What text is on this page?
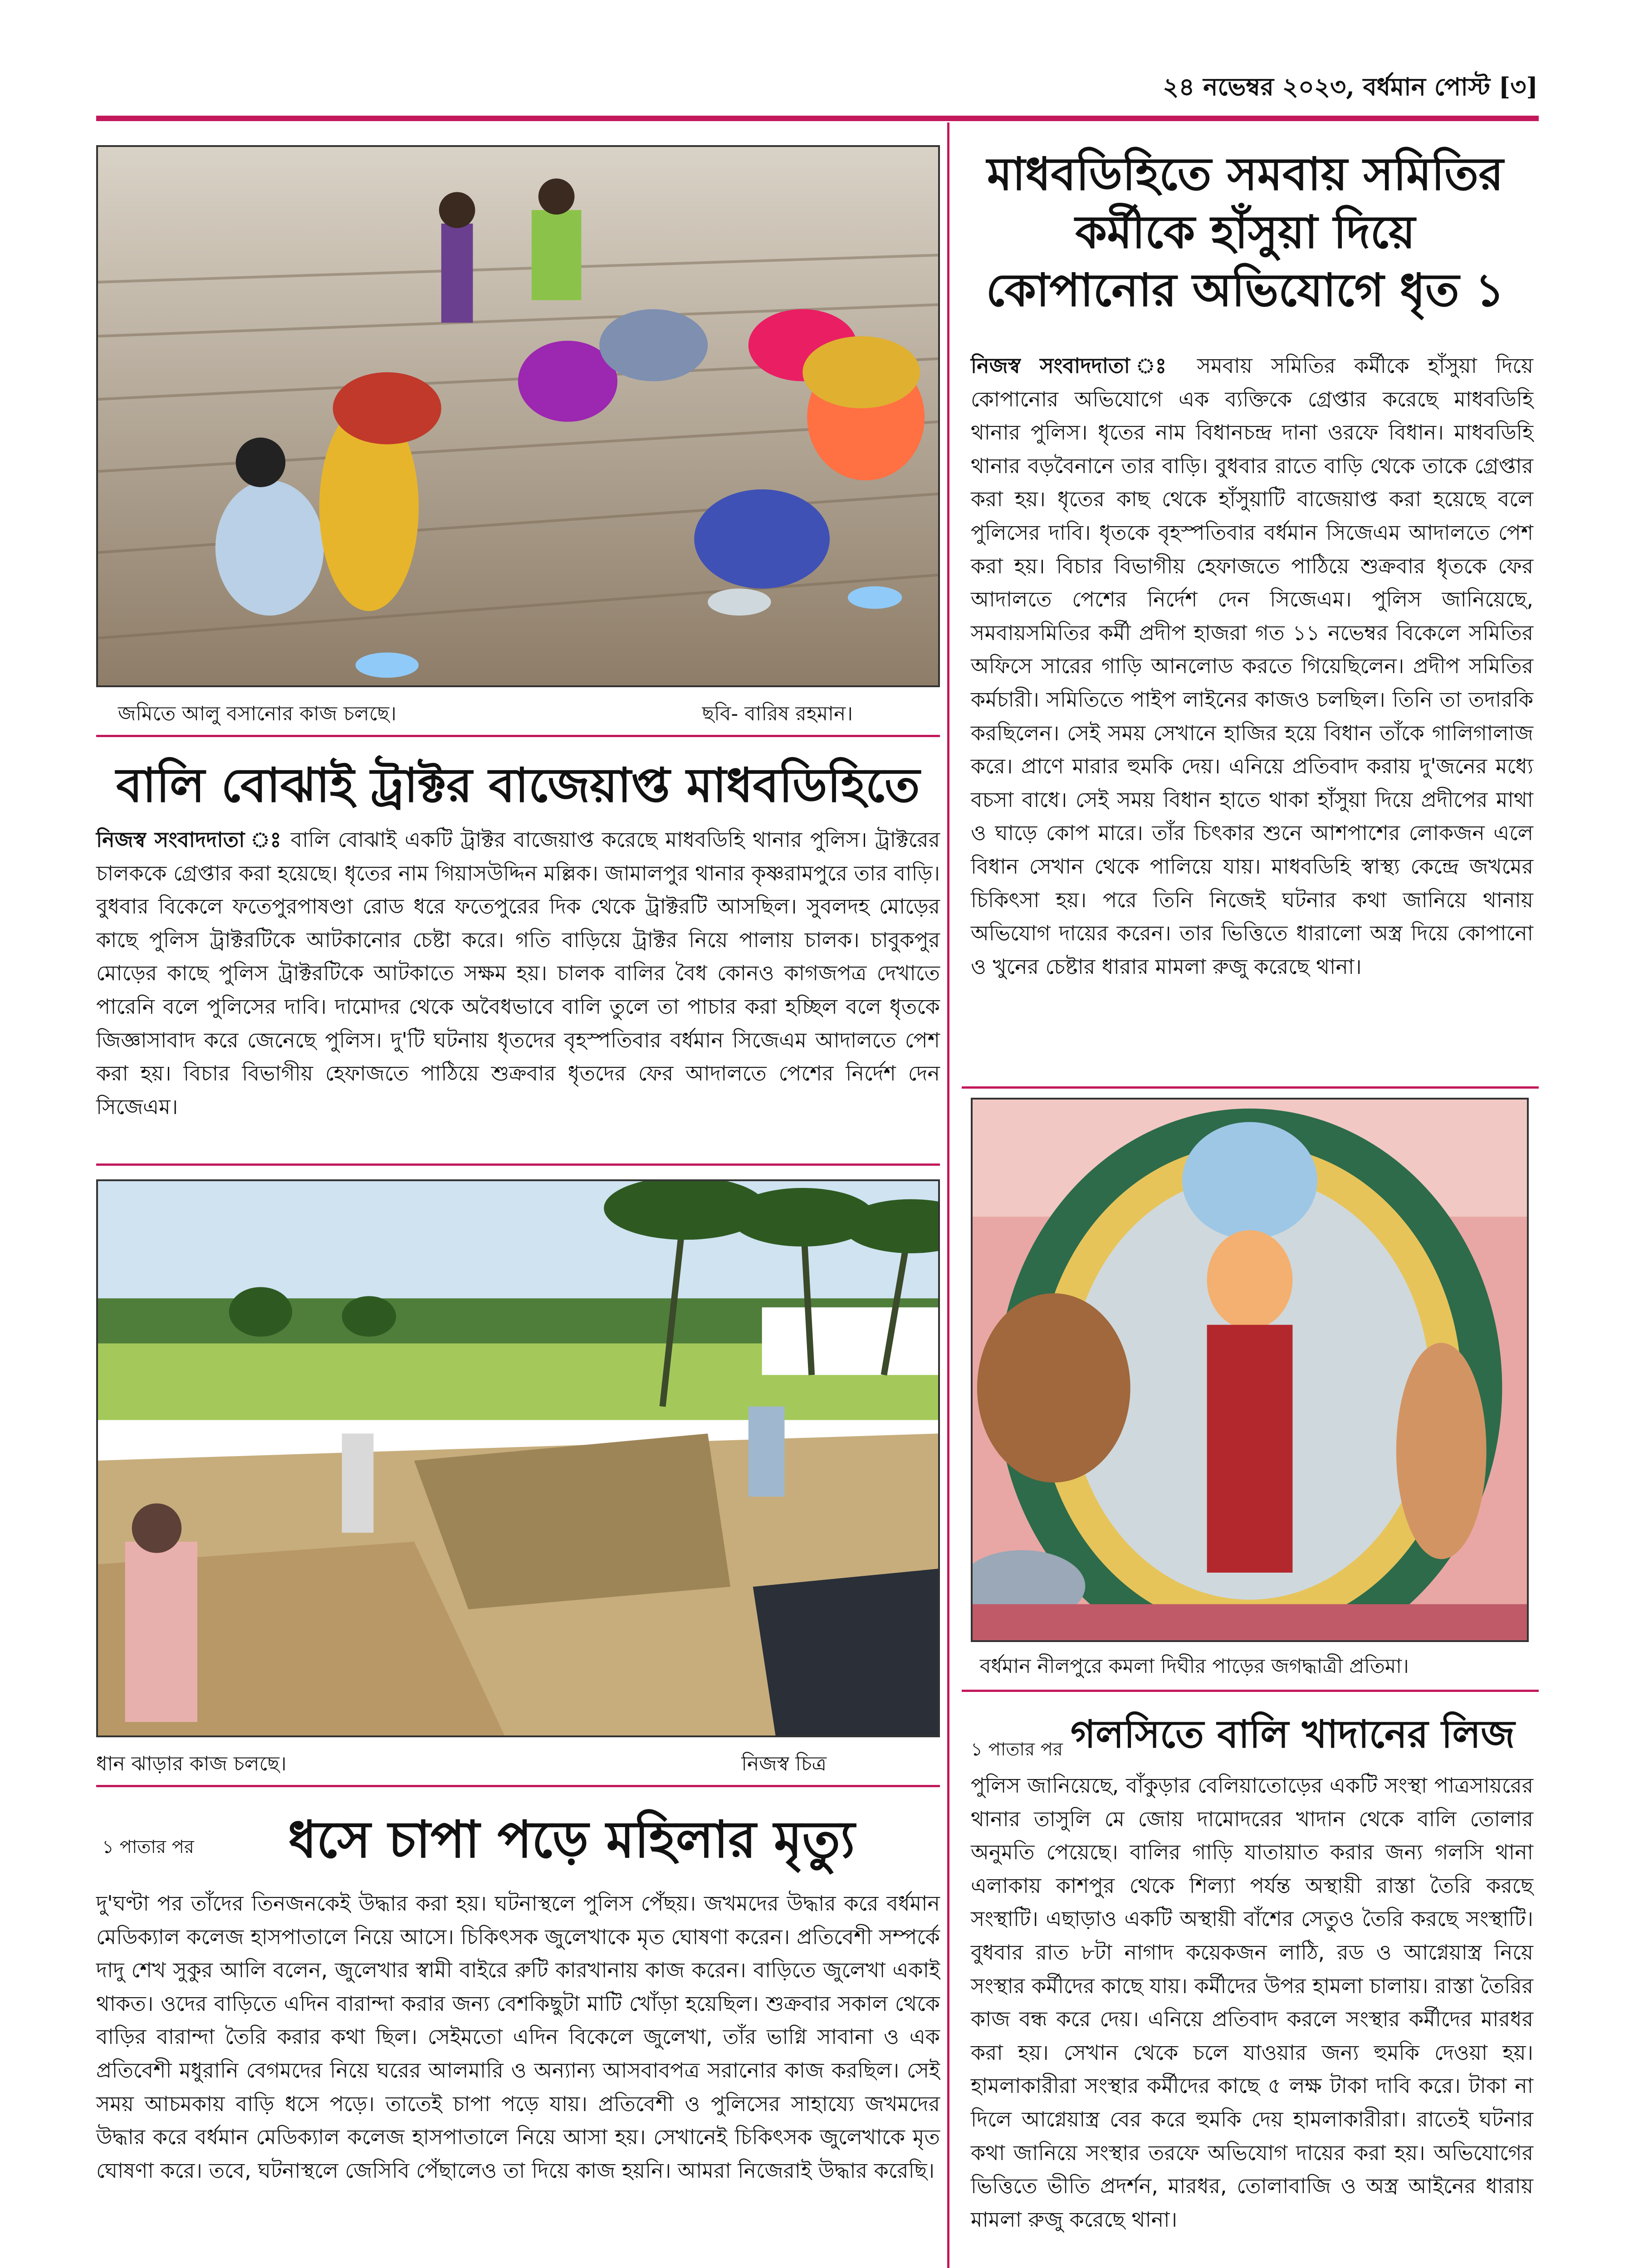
২৪ নভেম্বর ২০২৩, বর্ধমান পোস্ট [৩]
জমিতে আলু বসানোর কাজ চলছে।	ছবি- বারিষ রহমান।
বালি বোঝাই ট্রাক্টর বাজেয়াপ্ত মাধবডিহিতে
নিজস্ব সংবাদদাতা ঃ বালি বোঝাই একটি ট্রাক্টর বাজেয়াপ্ত করেছে মাধবডিহি থানার পুলিস। ট্রাক্টরের চালককে গ্রেপ্তার করা হয়েছে। ধৃতের নাম গিয়াসউদ্দিন মল্লিক। জামালপুর থানার কৃষ্ণরামপুরে তার বাড়ি। বুধবার বিকেলে ফতেপুরপাষণ্ডা রোড ধরে ফতেপুরের দিক থেকে ট্রাক্টরটি আসছিল। সুবলদহ মোড়ের কাছে পুলিস ট্রাক্টরটিকে আটকানোর চেষ্টা করে। গতি বাড়িয়ে ট্রাক্টর নিয়ে পালায় চালক। চাবুকপুর মোড়ের কাছে পুলিস ট্রাক্টরটিকে আটকাতে সক্ষম হয়। চালক বালির বৈধ কোনও কাগজপত্র দেখাতে পারেনি বলে পুলিসের দাবি। দামোদর থেকে অবৈধভাবে বালি তুলে তা পাচার করা হচ্ছিল বলে ধৃতকে জিজ্ঞাসাবাদ করে জেনেছে পুলিস। দু'টি ঘটনায় ধৃতদের বৃহস্পতিবার বর্ধমান সিজেএম আদালতে পেশ করা হয়। বিচার বিভাগীয় হেফাজতে পাঠিয়ে শুক্রবার ধৃতদের ফের আদালতে পেশের নির্দেশ দেন সিজেএম।
ধান ঝাড়ার কাজ চলছে।	নিজস্ব চিত্র
১ পাতার পর	ধসে চাপা পড়ে মহিলার মৃত্যু
দু'ঘণ্টা পর তাঁদের তিনজনকেই উদ্ধার করা হয়। ঘটনাস্থলে পুলিস পেঁছয়। জখমদের উদ্ধার করে বর্ধমান মেডিক্যাল কলেজ হাসপাতালে নিয়ে আসে। চিকিৎসক জুলেখাকে মৃত ঘোষণা করেন। প্রতিবেশী সম্পর্কে দাদু শেখ সুকুর আলি বলেন, জুলেখার স্বামী বাইরে রুটি কারখানায় কাজ করেন। বাড়িতে জুলেখা একাই থাকত। ওদের বাড়িতে এদিন বারান্দা করার জন্য বেশকিছুটা মাটি খোঁড়া হয়েছিল। শুক্রবার সকাল থেকে বাড়ির বারান্দা তৈরি করার কথা ছিল। সেইমতো এদিন বিকেলে জুলেখা, তাঁর ভাগ্নি সাবানা ও এক প্রতিবেশী মধুরানি বেগমদের নিয়ে ঘরের আলমারি ও অন্যান্য আসবাবপত্র সরানোর কাজ করছিল। সেই সময় আচমকায় বাড়ি ধসে পড়ে। তাতেই চাপা পড়ে যায়। প্রতিবেশী ও পুলিসের সাহায্যে জখমদের উদ্ধার করে বর্ধমান মেডিক্যাল কলেজ হাসপাতালে নিয়ে আসা হয়। সেখানেই চিকিৎসক জুলেখাকে মৃত ঘোষণা করে। তবে, ঘটনাস্থলে জেসিবি পেঁছালেও তা দিয়ে কাজ হয়নি। আমরা নিজেরাই উদ্ধার করেছি।
মাধবডিহিতে সমবায় সমিতির
কর্মীকে হাঁসুয়া দিয়ে
কোপানোর অভিযোগে ধৃত ১
নিজস্ব সংবাদদাতা ঃ সমবায় সমিতির কর্মীকে হাঁসুয়া দিয়ে কোপানোর অভিযোগে এক ব্যক্তিকে গ্রেপ্তার করেছে মাধবডিহি থানার পুলিস। ধৃতের নাম বিধানচন্দ্র দানা ওরফে বিধান। মাধবডিহি থানার বড়বৈনানে তার বাড়ি। বুধবার রাতে বাড়ি থেকে তাকে গ্রেপ্তার করা হয়। ধৃতের কাছ থেকে হাঁসুয়াটি বাজেয়াপ্ত করা হয়েছে বলে পুলিসের দাবি। ধৃতকে বৃহস্পতিবার বর্ধমান সিজেএম আদালতে পেশ করা হয়। বিচার বিভাগীয় হেফাজতে পাঠিয়ে শুক্রবার ধৃতকে ফের আদালতে পেশের নির্দেশ দেন সিজেএম। পুলিস জানিয়েছে, সমবায়সমিতির কর্মী প্রদীপ হাজরা গত ১১ নভেম্বর বিকেলে সমিতির অফিসে সারের গাড়ি আনলোড করতে গিয়েছিলেন। প্রদীপ সমিতির কর্মচারী। সমিতিতে পাইপ লাইনের কাজও চলছিল। তিনি তা তদারকি করছিলেন। সেই সময় সেখানে হাজির হয়ে বিধান তাঁকে গালিগালাজ করে। প্রাণে মারার হুমকি দেয়। এনিয়ে প্রতিবাদ করায় দু'জনের মধ্যে বচসা বাধে। সেই সময় বিধান হাতে থাকা হাঁসুয়া দিয়ে প্রদীপের মাথা ও ঘাড়ে কোপ মারে। তাঁর চিৎকার শুনে আশপাশের লোকজন এলে বিধান সেখান থেকে পালিয়ে যায়। মাধবডিহি স্বাস্থ্য কেন্দ্রে জখমের চিকিৎসা হয়। পরে তিনি নিজেই ঘটনার কথা জানিয়ে থানায় অভিযোগ দায়ের করেন। তার ভিত্তিতে ধারালো অস্ত্র দিয়ে কোপানো ও খুনের চেষ্টার ধারার মামলা রুজু করেছে থানা।
বর্ধমান নীলপুরে কমলা দিঘীর পাড়ের জগদ্ধাত্রী প্রতিমা।
১ পাতার পর গলসিতে বালি খাদানের লিজ
পুলিস জানিয়েছে, বাঁকুড়ার বেলিয়াতোড়ের একটি সংস্থা পাত্রসায়রের থানার তাসুলি মে জোয় দামোদরের খাদান থেকে বালি তোলার অনুমতি পেয়েছে। বালির গাড়ি যাতায়াত করার জন্য গলসি থানা এলাকায় কাশপুর থেকে শিল্যা পর্যন্ত অস্থায়ী রাস্তা তৈরি করছে সংস্থাটি। এছাড়াও একটি অস্থায়ী বাঁশের সেতুও তৈরি করছে সংস্থাটি। বুধবার রাত ৮টা নাগাদ কয়েকজন লাঠি, রড ও আগ্নেয়াস্ত্র নিয়ে সংস্থার কর্মীদের কাছে যায়। কর্মীদের উপর হামলা চালায়। রাস্তা তৈরির কাজ বন্ধ করে দেয়। এনিয়ে প্রতিবাদ করলে সংস্থার কর্মীদের মারধর করা হয়। সেখান থেকে চলে যাওয়ার জন্য হুমকি দেওয়া হয়। হামলাকারীরা সংস্থার কর্মীদের কাছে ৫ লক্ষ টাকা দাবি করে। টাকা না দিলে আগ্নেয়াস্ত্র বের করে হুমকি দেয় হামলাকারীরা। রাতেই ঘটনার কথা জানিয়ে সংস্থার তরফে অভিযোগ দায়ের করা হয়। অভিযোগের ভিত্তিতে ভীতি প্রদর্শন, মারধর, তোলাবাজি ও অস্ত্র আইনের ধারায় মামলা রুজু করেছে থানা।
